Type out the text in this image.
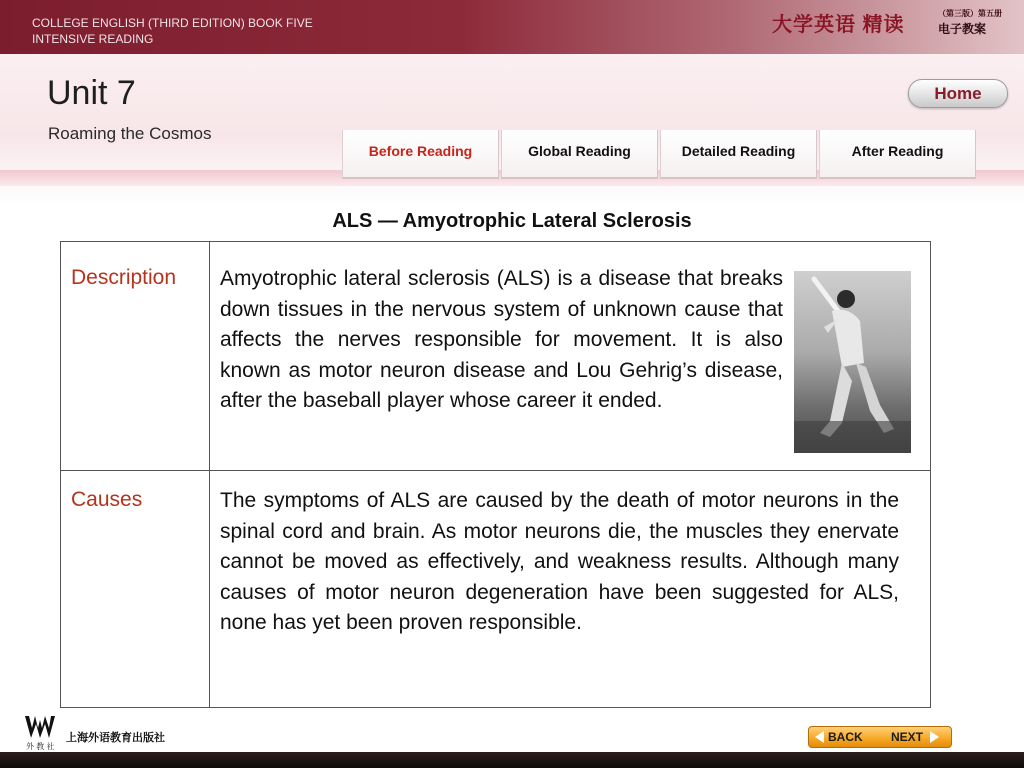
COLLEGE ENGLISH (THIRD EDITION) BOOK FIVE
INTENSIVE READING
大学英语 精读
（第三版）第五册
电子教案
Unit 7
Roaming the Cosmos
Home
Before Reading	Global Reading	Detailed Reading	After Reading
ALS — Amyotrophic Lateral Sclerosis
Description Amyotrophic lateral sclerosis (ALS) is a disease that breaks down tissues in the nervous system of unknown cause that affects the nerves responsible for movement. It is also known as motor neuron disease and Lou Gehrig’s disease, after the baseball player whose career it ended.
Causes	The symptoms of ALS are caused by the death of motor neurons in the spinal cord and brain. As motor neurons die, the muscles they enervate cannot be moved as effectively, and weakness results. Although many causes of motor neuron degeneration have been suggested for ALS, none has yet been proven responsible.
外 教 社
上海外语教育出版社	BACK NEXT
